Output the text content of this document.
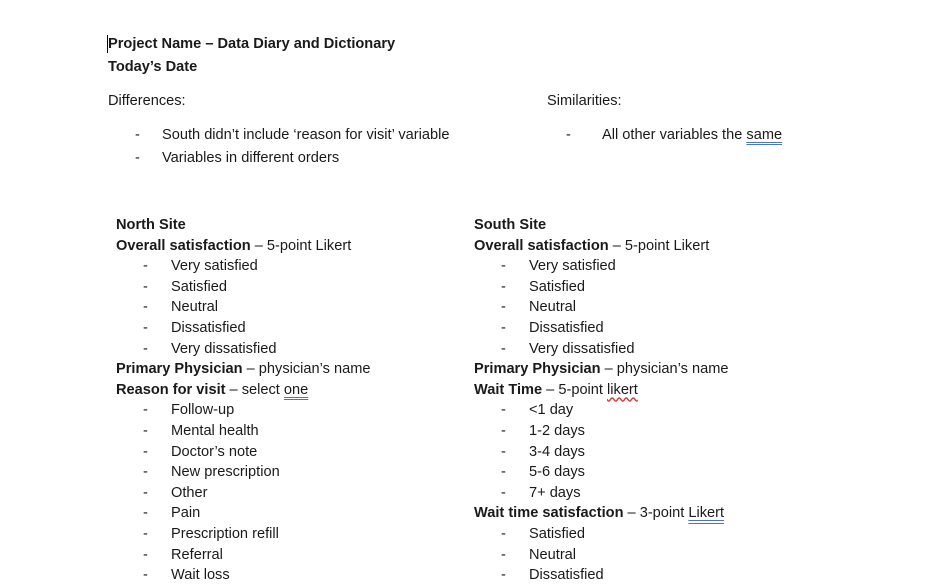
Project Name – Data Diary and Dictionary
Today’s Date
Differences:
- South didn’t include ‘reason for visit’ variable
- Variables in different orders
Similarities:
- All other variables the same
North Site
Overall satisfaction – 5-point Likert
- Very satisfied
- Satisfied
- Neutral
- Dissatisfied
- Very dissatisfied
Primary Physician – physician’s name
Reason for visit – select one
- Follow-up
- Mental health
- Doctor’s note
- New prescription
- Other
- Pain
- Prescription refill
- Referral
- Wait loss
South Site
Overall satisfaction – 5-point Likert
- Very satisfied
- Satisfied
- Neutral
- Dissatisfied
- Very dissatisfied
Primary Physician – physician’s name
Wait Time – 5-point likert
- <1 day
- 1-2 days
- 3-4 days
- 5-6 days
- 7+ days
Wait time satisfaction – 3-point Likert
- Satisfied
- Neutral
- Dissatisfied
